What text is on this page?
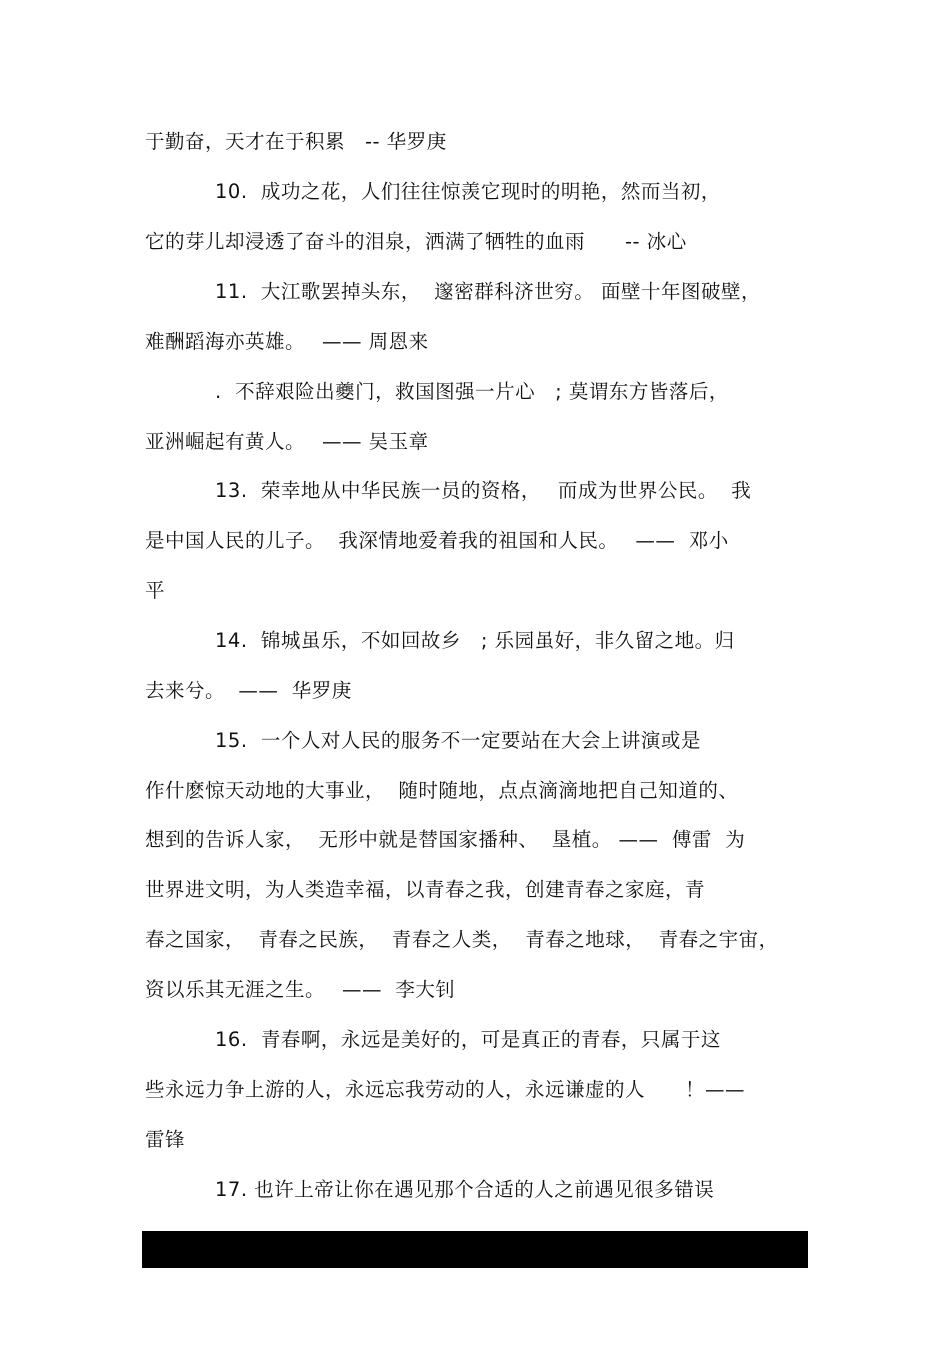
于勤奋，天才在于积累　-- 华罗庚
10.  成功之花，人们往往惊羡它现时的明艳，然而当初，
它的芽儿却浸透了奋斗的泪泉，洒满了牺牲的血雨　　-- 冰心
11.  大江歌罢掉头东，  邃密群科济世穷。 面壁十年图破壁，
难酬蹈海亦英雄。　 —— 周恩来
.  不辞艰险出夔门，救国图强一片心　; 莫谓东方皆落后，
亚洲崛起有黄人。　 —— 吴玉章
13.  荣幸地从中华民族一员的资格，　 而成为世界公民。  我
是中国人民的儿子。  我深情地爱着我的祖国和人民。　 ——  邓小
平
14.  锦城虽乐，不如回故乡　; 乐园虽好，非久留之地。归
去来兮。  ——  华罗庚
15.  一个人对人民的服务不一定要站在大会上讲演或是
作什麽惊天动地的大事业，  随时随地，点点滴滴地把自己知道的、
想到的告诉人家，  无形中就是替国家播种、  垦植。 ——  傅雷  为
世界进文明，为人类造幸福，以青春之我，创建青春之家庭，青
春之国家，  青春之民族，  青春之人类，  青春之地球，  青春之宇宙，
资以乐其无涯之生。　 ——  李大钊
16.  青春啊，永远是美好的，可是真正的青春，只属于这
些永远力争上游的人，永远忘我劳动的人，永远谦虚的人　　！——
雷锋
17. 也许上帝让你在遇见那个合适的人之前遇见很多错误
